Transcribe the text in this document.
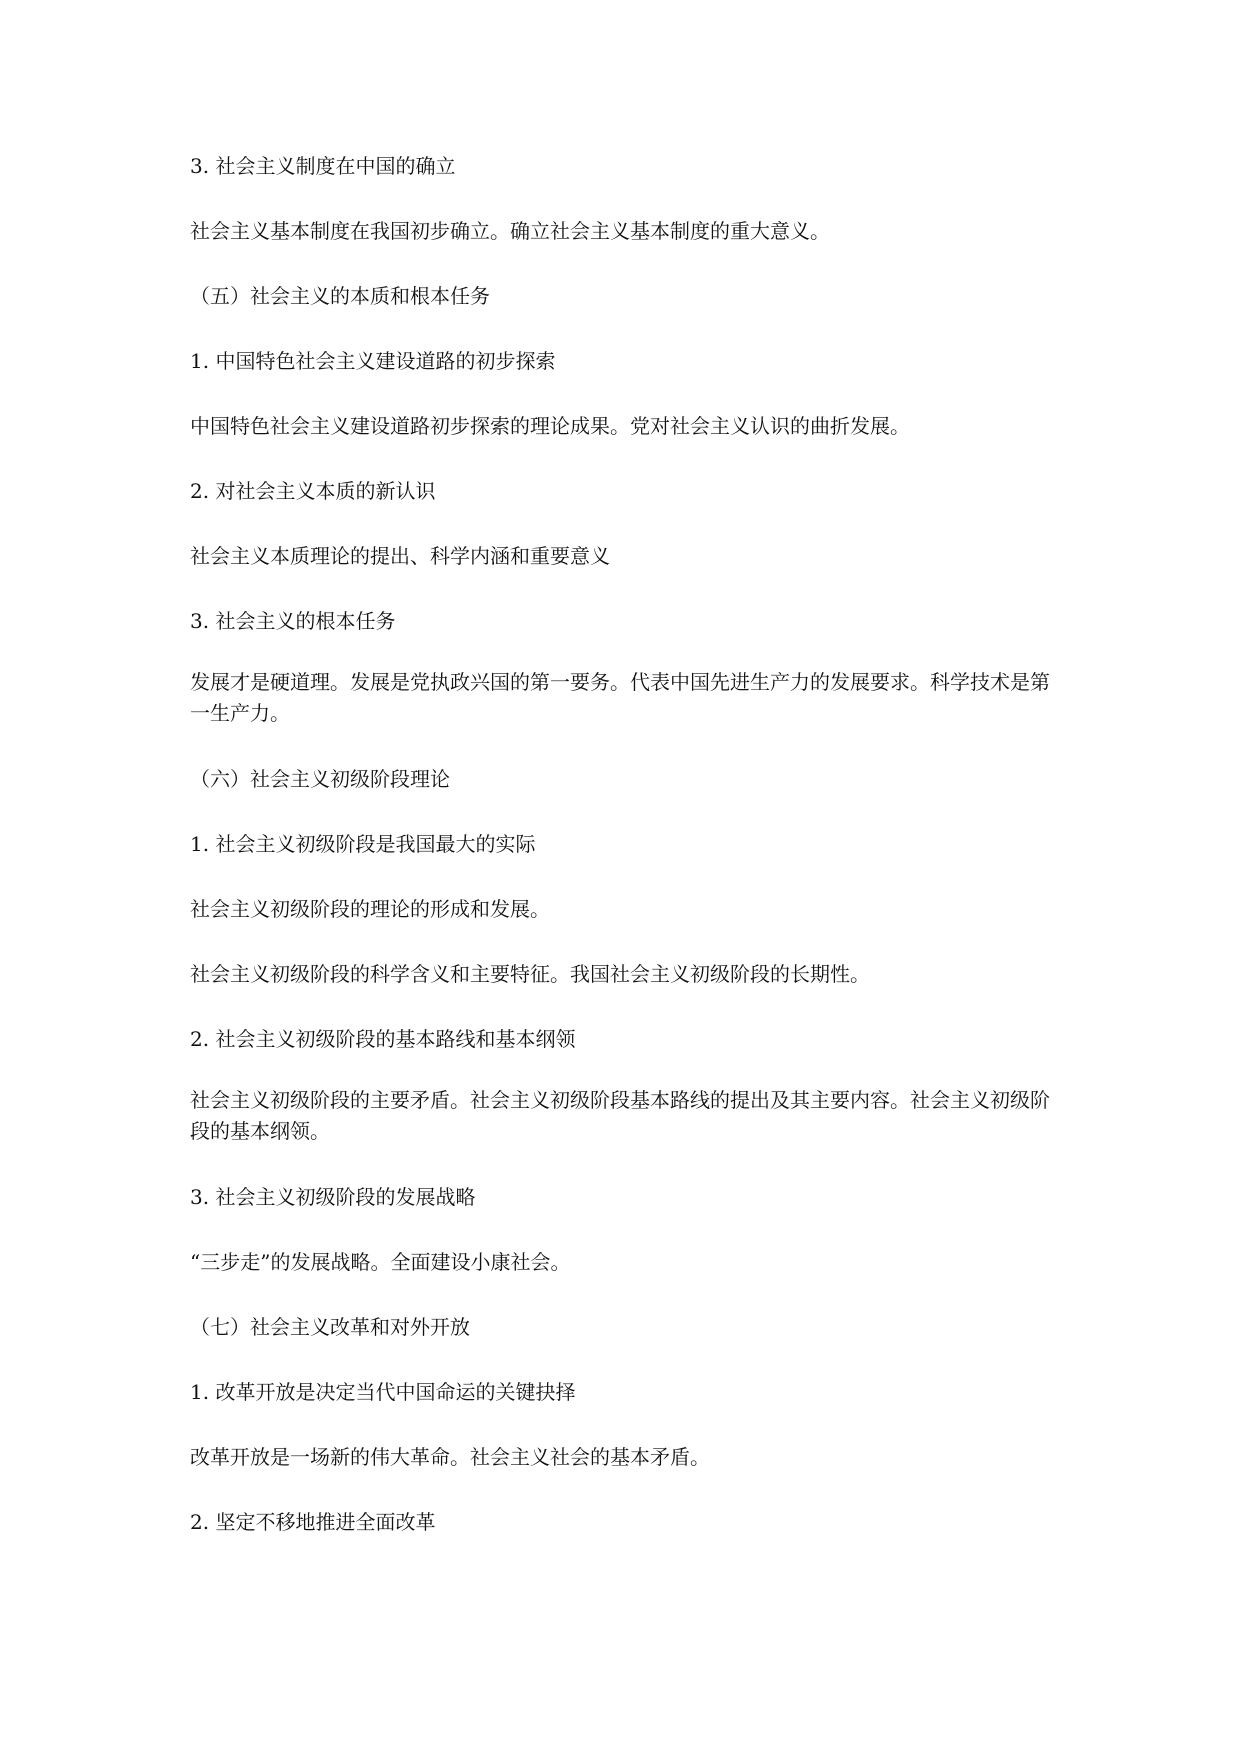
3. 社会主义制度在中国的确立

社会主义基本制度在我国初步确立。确立社会主义基本制度的重大意义。

（五）社会主义的本质和根本任务

1. 中国特色社会主义建设道路的初步探索

中国特色社会主义建设道路初步探索的理论成果。党对社会主义认识的曲折发展。

2. 对社会主义本质的新认识

社会主义本质理论的提出、科学内涵和重要意义

3. 社会主义的根本任务

发展才是硬道理。发展是党执政兴国的第一要务。代表中国先进生产力的发展要求。科学技术是第一生产力。

（六）社会主义初级阶段理论

1. 社会主义初级阶段是我国最大的实际

社会主义初级阶段的理论的形成和发展。

社会主义初级阶段的科学含义和主要特征。我国社会主义初级阶段的长期性。

2. 社会主义初级阶段的基本路线和基本纲领

社会主义初级阶段的主要矛盾。社会主义初级阶段基本路线的提出及其主要内容。社会主义初级阶段的基本纲领。

3. 社会主义初级阶段的发展战略

“三步走”的发展战略。全面建设小康社会。

（七）社会主义改革和对外开放

1. 改革开放是决定当代中国命运的关键抉择

改革开放是一场新的伟大革命。社会主义社会的基本矛盾。

2. 坚定不移地推进全面改革
